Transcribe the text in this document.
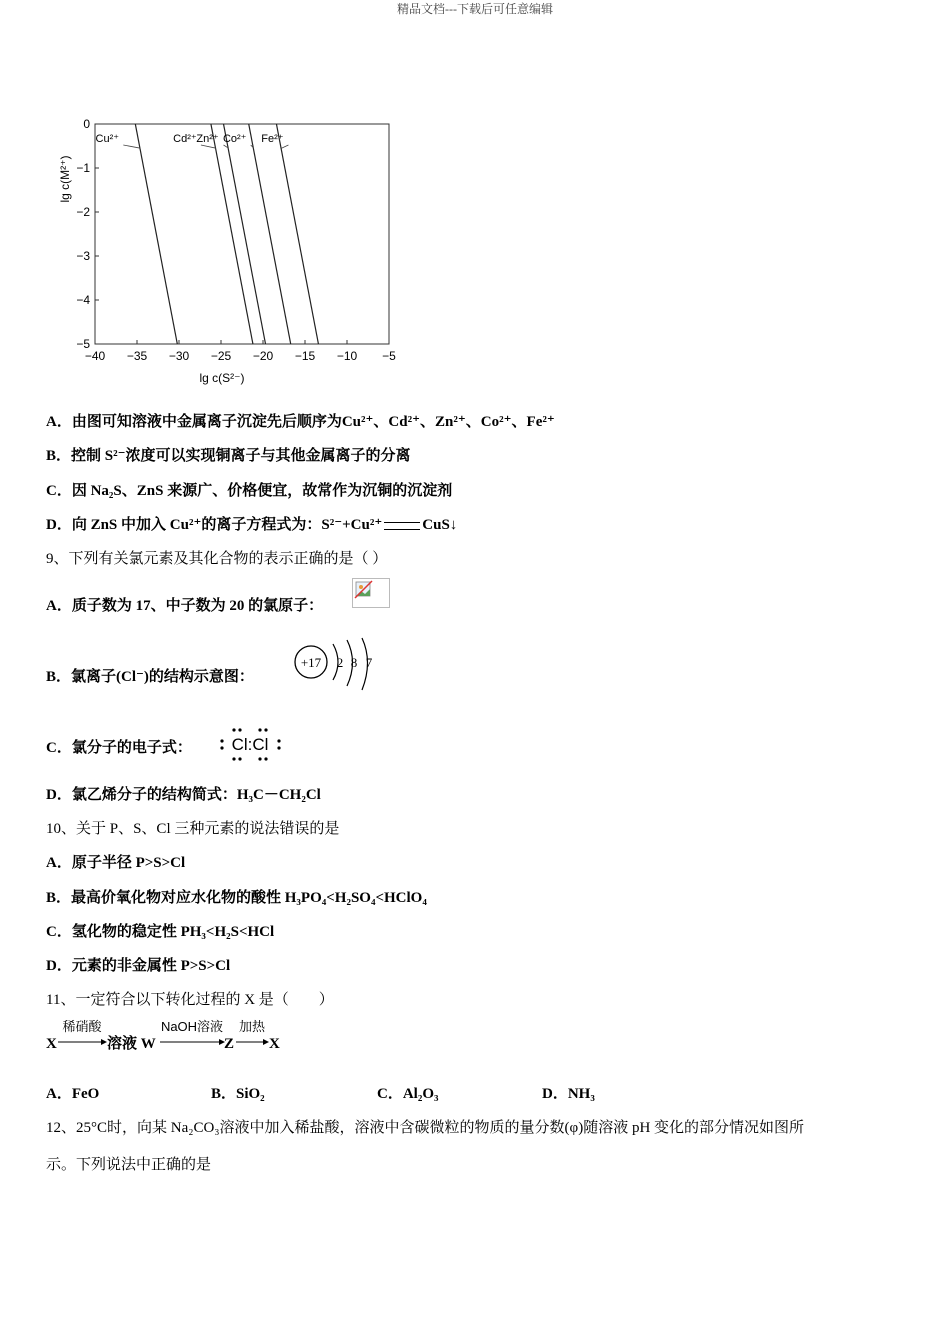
精品文档---下载后可任意编辑
−40 −35 −30 −25 −20 −15 −10 −5
0
−1
−2
−3
−4
−5
lg c(S²⁻)
lg c(M²⁺)
Cu²⁺	Cd²⁺ Zn²⁺ Co²⁺ Fe²⁺
A．由图可知溶液中金属离子沉淀先后顺序为Cu²⁺、Cd²⁺、Zn²⁺、Co²⁺、Fe²⁺
B．控制 S²⁻浓度可以实现铜离子与其他金属离子的分离
C．因 Na₂S、ZnS 来源广、价格便宜，故常作为沉铜的沉淀剂
D．向 ZnS 中加入 Cu²⁺的离子方程式为：S²⁻+Cu²⁺	CuS↓
9、下列有关氯元素及其化合物的表示正确的是（ ）
A．质子数为 17、中子数为 20 的氯原子：
B．氯离子(Cl⁻)的结构示意图：
+17 2 8 7
C．氯分子的电子式： Cl:Cl
D．氯乙烯分子的结构简式：H₃C－CH₂Cl
10、关于 P、S、Cl 三种元素的说法错误的是
A．原子半径 P>S>Cl
B．最高价氧化物对应水化物的酸性 H₃PO₄<H₂SO₄<HClO₄
C．氢化物的稳定性 PH₃<H₂S<HCl
D．元素的非金属性 P>S>Cl
11、一定符合以下转化过程的 X 是（　　）
X
稀硝酸
溶液 W
NaOH溶液
Z
加热
X
A．FeO	B．SiO₂	C．Al₂O₃	D．NH₃
12、25°C时，向某 Na₂CO₃溶液中加入稀盐酸，溶液中含碳微粒的物质的量分数(φ)随溶液 pH 变化的部分情况如图所
示。下列说法中正确的是
